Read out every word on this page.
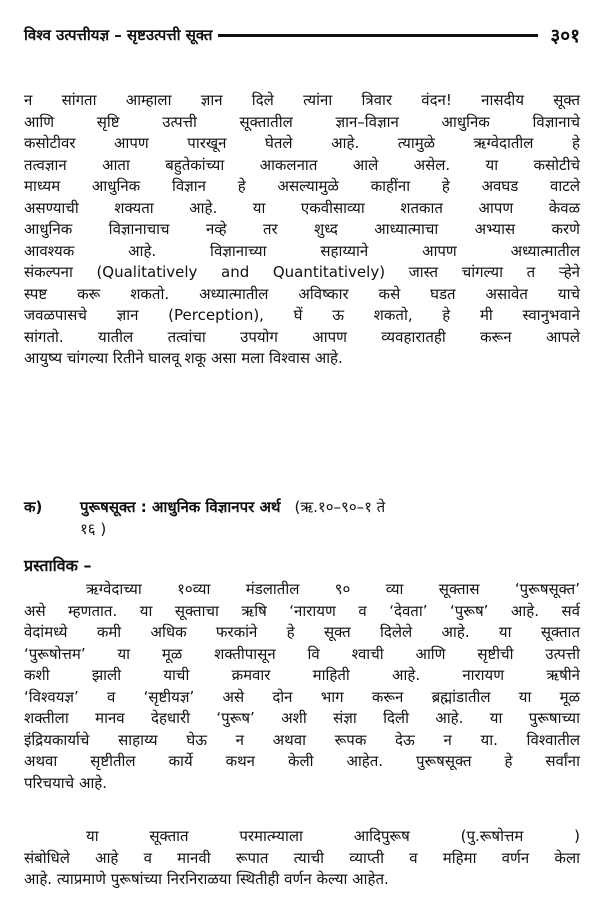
विश्व उत्पत्तीयज्ञ – सृष्टउत्पत्ती सूक्त	३०१
न सांगता आम्हाला ज्ञान दिले त्यांना त्रिवार वंदन! नासदीय सूक्त
आणि सृष्टि उत्पत्ती सूक्तातील ज्ञान–विज्ञान आधुनिक विज्ञानाचे
कसोटीवर आपण पारखून घेतले आहे. त्यामुळे ऋग्वेदातील हे
तत्वज्ञान आता बहुतेकांच्या आकलनात आले असेल. या कसोटीचे
माध्यम आधुनिक विज्ञान हे असल्यामुळे काहींना हे अवघड वाटले
असण्याची शक्यता आहे. या एकवीसाव्या शतकात आपण केवळ
आधुनिक विज्ञानाचाच नव्हे तर शुध्द आध्यात्माचा अभ्यास करणे
आवश्यक आहे. विज्ञानाच्या सहाय्याने आपण अध्यात्मातील
संकल्पना (Qualitatively and Quantitatively) जास्त चांगल्या त ऱ्हेने
स्पष्ट करू शकतो. अध्यात्मातील अविष्कार कसे घडत असावेत याचे
जवळपासचे ज्ञान (Perception), घें ऊ शकतो, हे मी स्वानुभवाने
सांगतो. यातील तत्वांचा उपयोग आपण व्यवहारातही करून आपले
आयुष्य चांगल्या रितीने घालवू शकू असा मला विश्‍वास आहे.
क)	पुरूषसूक्त : आधुनिक विज्ञानपर अर्थ (ऋ.१०–९०–१ ते
१६ )
प्रस्ताविक –
ऋग्वेदाच्या १०व्या मंडलातील ९० व्या सूक्तास ‘पुरूषसूक्त’
असे म्हणतात. या सूक्ताचा ऋषि ‘नारायण व ‘देवता’ ‘पुरूष’ आहे. सर्व
वेदांमध्ये कमी अधिक फरकांने हे सूक्त दिलेले आहे. या सूक्तात
‘पुरूषोत्तम’ या मूळ शक्तीपासून वि श्‍वाची आणि सृष्टीची उत्पत्ती
कशी झाली याची क्रमवार माहिती आहे. नारायण ऋषीने
‘विश्वयज्ञ’ व ‘सृष्टीयज्ञ’ असे दोन भाग करून ब्रह्मांडातील या मूळ
शक्तीला मानव देहधारी ‘पुरूष’ अशी संज्ञा दिली आहे. या पुरूषाच्या
इंद्रियकार्याचे साहाय्य घेऊ न अथवा रूपक देऊ न या. विश्वातील
अथवा सृष्टीतील कार्ये कथन केली आहेत. पुरूषसूक्त हे सर्वांना
परिचयाचे आहे.
या सूक्तात परमात्म्याला आदिपुरूष (पु.रूषोत्तम )
संबोधिले आहे व मानवी रूपात त्याची व्याप्ती व महिमा वर्णन केला
आहे. त्याप्रमाणे पुरूषांच्या निरनिराळया स्थितीही वर्णन केल्या आहेत.
